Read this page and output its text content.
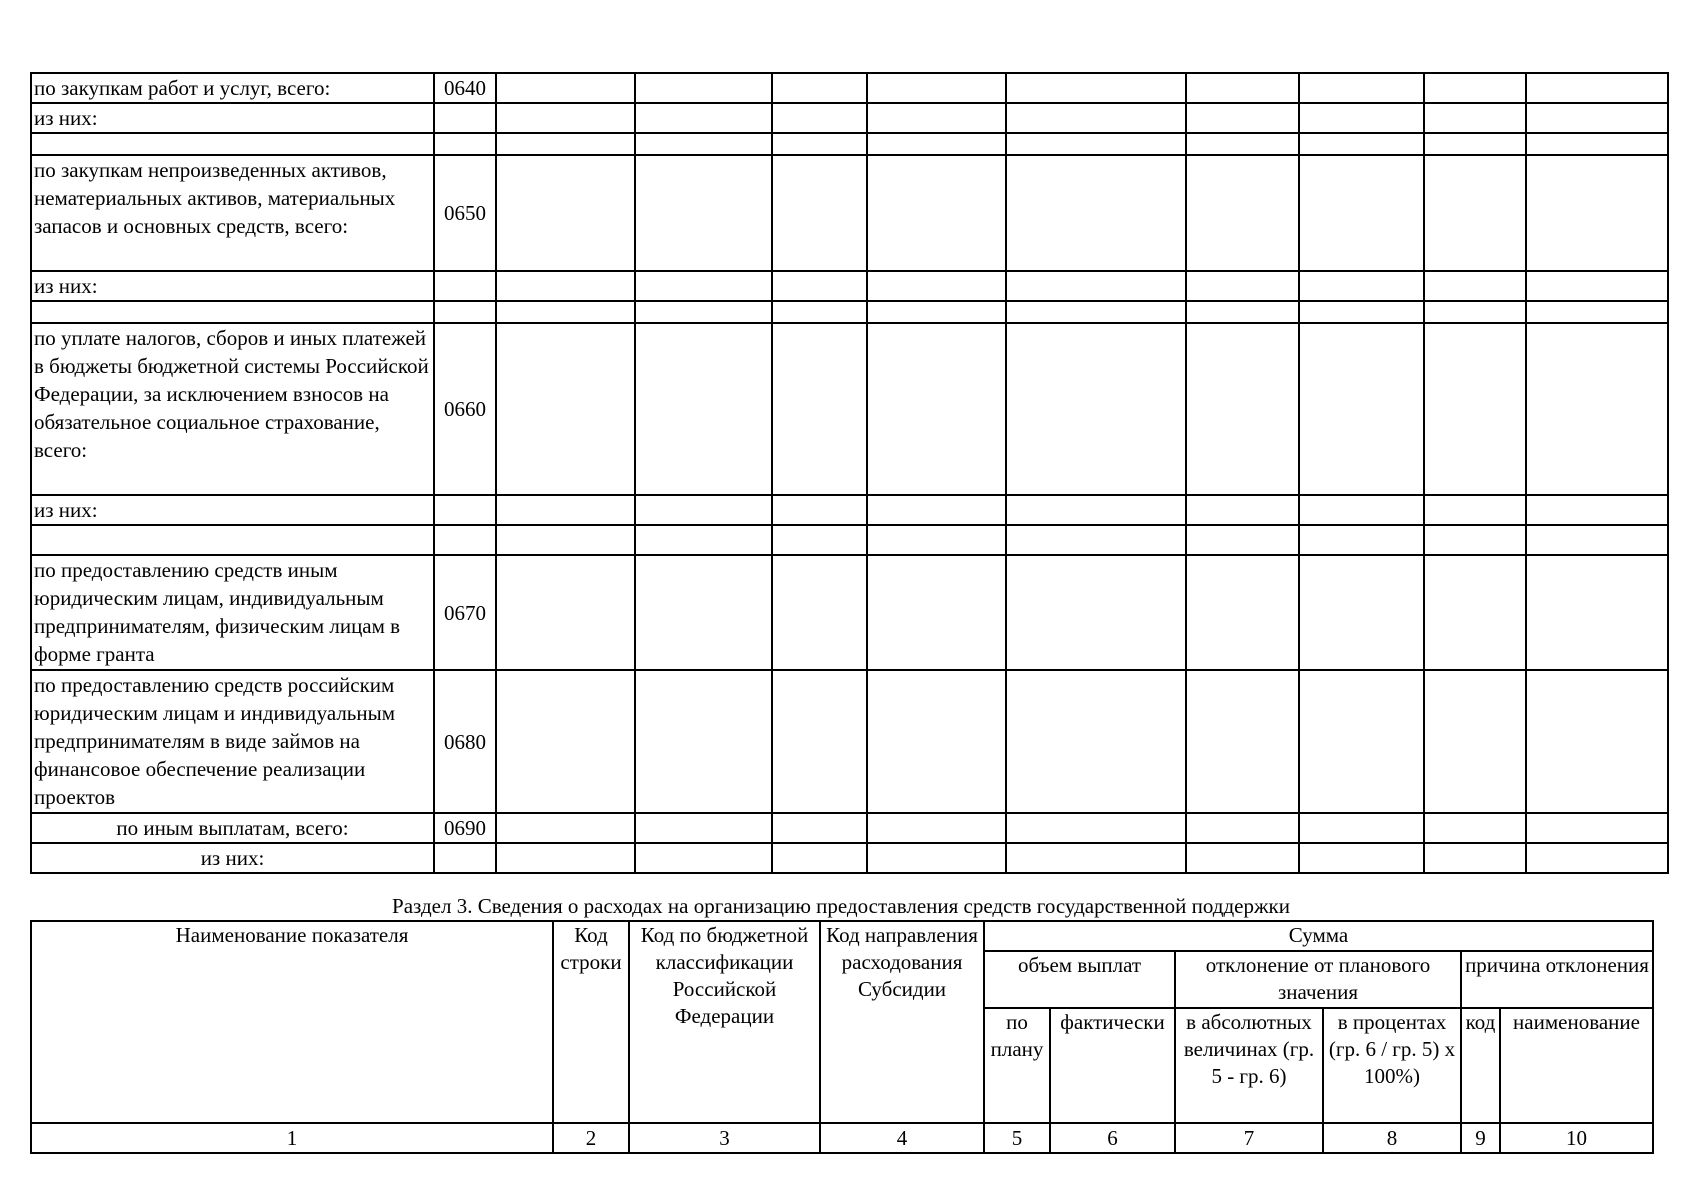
по закупкам работ и услуг, всего:	0640									
из них:										

по закупкам непроизведенных активов, нематериальных активов, материальных запасов и основных средств, всего:	0650									
из них:										

по уплате налогов, сборов и иных платежей в бюджеты бюджетной системы Российской Федерации, за исключением взносов на обязательное социальное страхование, всего:	0660									
из них:										

по предоставлению средств иным юридическим лицам, индивидуальным предпринимателям, физическим лицам в форме гранта	0670									
по предоставлению средств российским юридическим лицам и индивидуальным предпринимателям в виде займов на финансовое обеспечение реализации проектов	0680									
по иным выплатам, всего:	0690									
из них:										
Раздел 3. Сведения о расходах на организацию предоставления средств государственной поддержки
Наименование показателя	Код строки	Код по бюджетной классификации Российской Федерации	Код направления расходования Субсидии	Сумма					
				объем выплат		отклонение от планового значения		причина отклонения	
				по плану	фактически	в абсолютных величинах (гр. 5 - гр. 6)	в процентах (гр. 6 / гр. 5) x 100%)	код	наименование
1	2	3	4	5	6	7	8	9	10
